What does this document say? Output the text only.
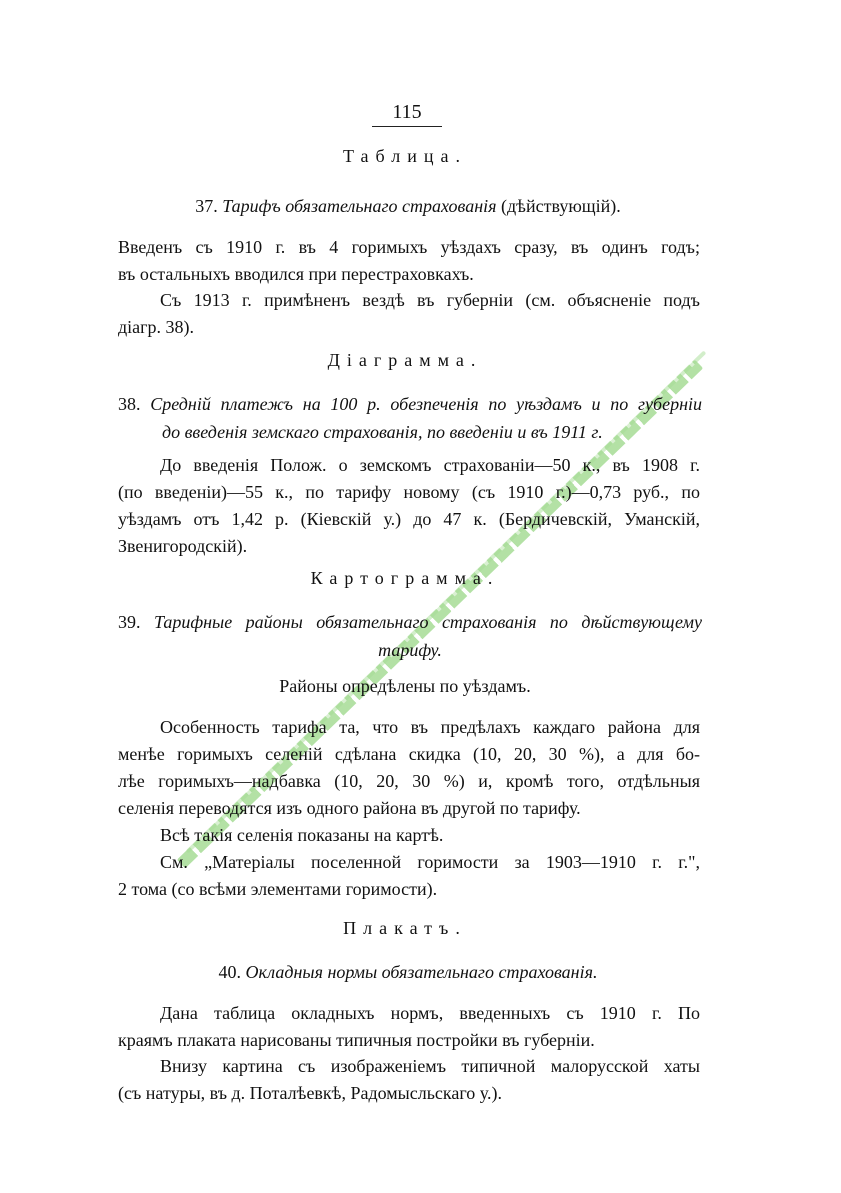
115
Таблица.
37. Тарифъ обязательнаго страхованія (дѣйствующій).

Введенъ съ 1910 г. въ 4 горимыхъ уѣздахъ сразу, въ одинъ годъ;

въ остальныхъ вводился при перестраховкахъ.

Съ 1913 г. примѣненъ вездѣ въ губерніи (см. объясненіе подъ

діагр. 38).

Діаграмма.
38. Средній платежъ на 100 р. обезпеченія по уѣздамъ и по губерніи
до введенія земскаго страхованія, по введеніи и въ 1911 г.

До введенія Полож. о земскомъ страхованіи—50 к., въ 1908 г.

(по введеніи)—55 к., по тарифу новому (съ 1910 г.)—0,73 руб., по

уѣздамъ отъ 1,42 р. (Кіевскій у.) до 47 к. (Бердичевскій, Уманскій,

Звенигородскій).

Картограмма.
39. Тарифные районы обязательнаго страхованія по дѣйствующему
тарифу.
Районы опредѣлены по уѣздамъ.

Особенность тарифа та, что въ предѣлахъ каждаго района для

менѣе горимыхъ селеній сдѣлана скидка (10, 20, 30 %), а для бо-

лѣе горимыхъ—надбавка (10, 20, 30 %) и, кромѣ того, отдѣльныя

селенія переводятся изъ одного района въ другой по тарифу.

Всѣ такія селенія показаны на картѣ.

См. „Матеріалы поселенной горимости за 1903—1910 г. г.",

2 тома (со всѣми элементами горимости).

Плакатъ.
40. Окладныя нормы обязательнаго страхованія.

Дана таблица окладныхъ нормъ, введенныхъ съ 1910 г. По

краямъ плаката нарисованы типичныя постройки въ губерніи.

Внизу картина съ изображеніемъ типичной малорусской хаты

(съ натуры, въ д. Поталѣевкѣ, Радомысльскаго у.).
